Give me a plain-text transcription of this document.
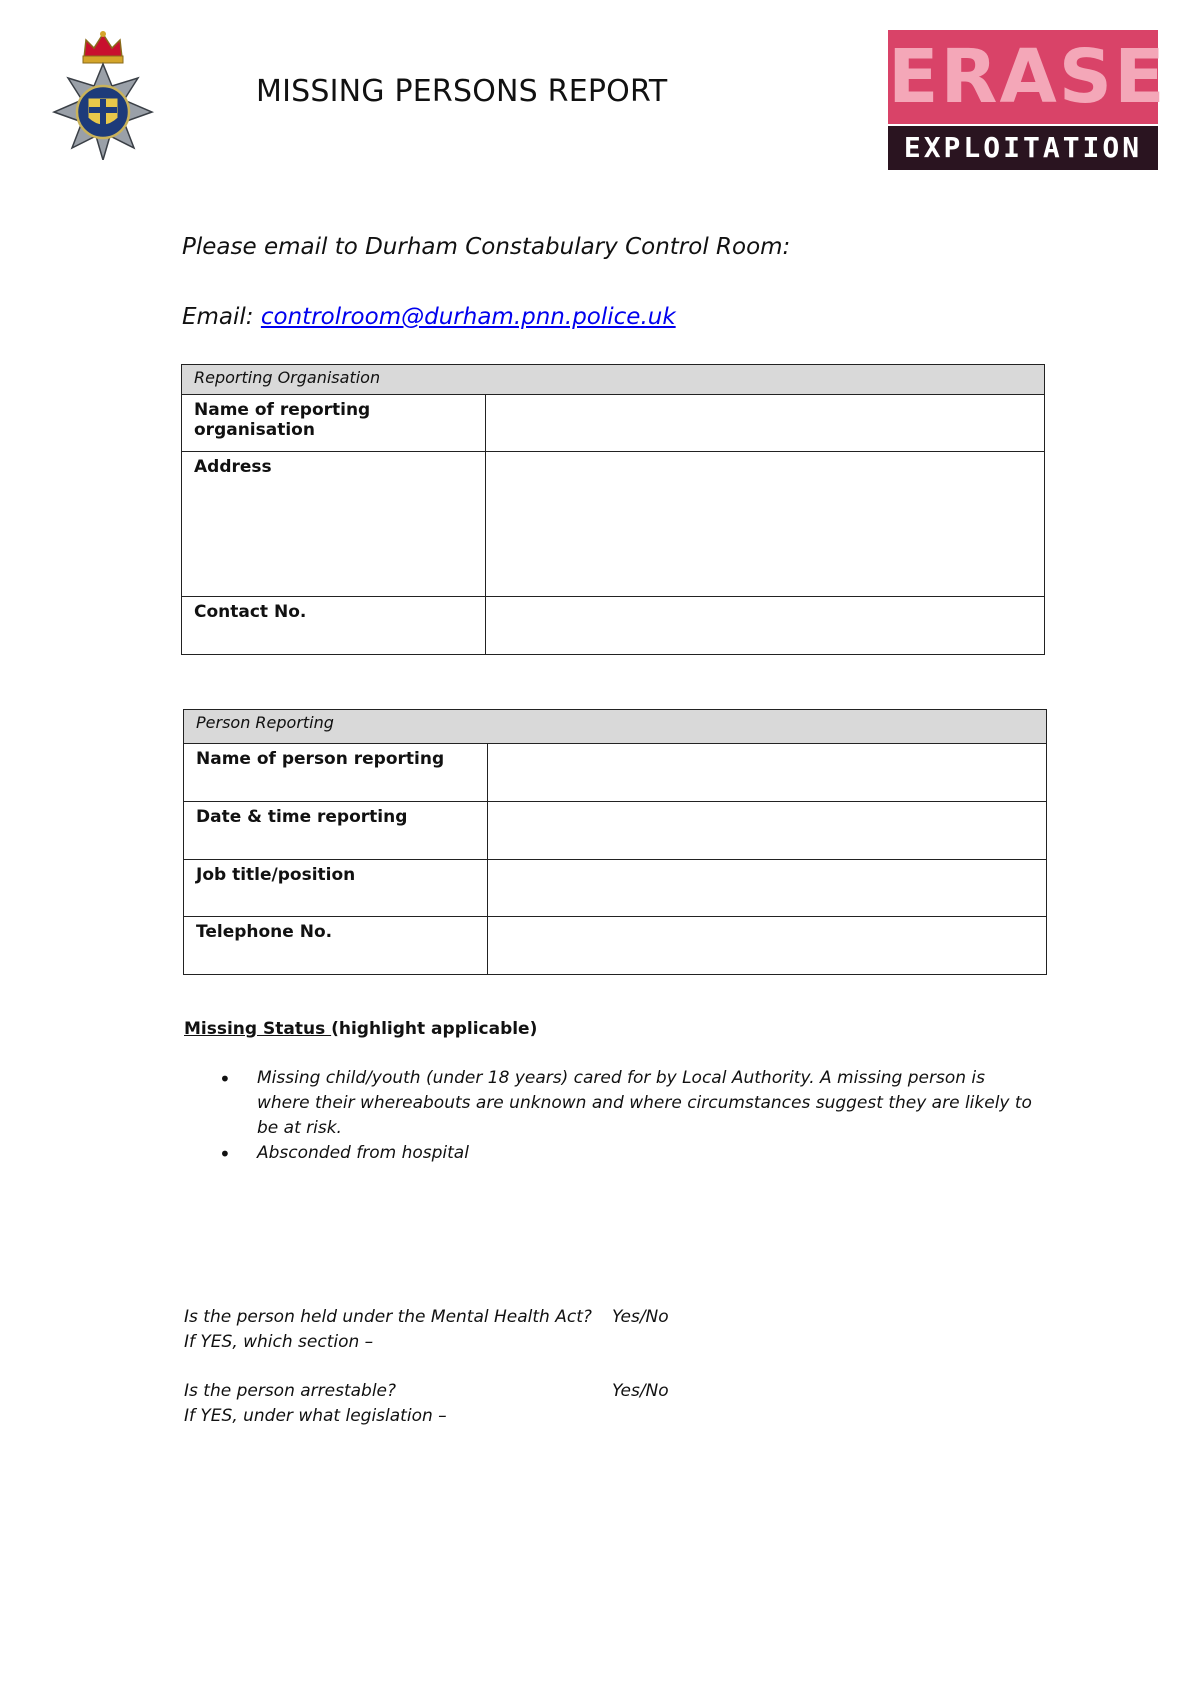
MISSING PERSONS REPORT	ERASE
EXPLOITATION
Please email to Durham Constabulary Control Room:
Email: controlroom@durham.pnn.police.uk
Reporting Organisation	
Name of reporting organisation	
Address	
Contact No.	
Person Reporting	
Name of person reporting	
Date & time reporting	
Job title/position	
Telephone No.	
Missing Status (highlight applicable)
• Missing child/youth (under 18 years) cared for by Local Authority. A missing person is where their whereabouts are unknown and where circumstances suggest they are likely to be at risk.
• Absconded from hospital
Is the person held under the Mental Health Act? Yes/No
If YES, which section –
Is the person arrestable?	Yes/No
If YES, under what legislation –
